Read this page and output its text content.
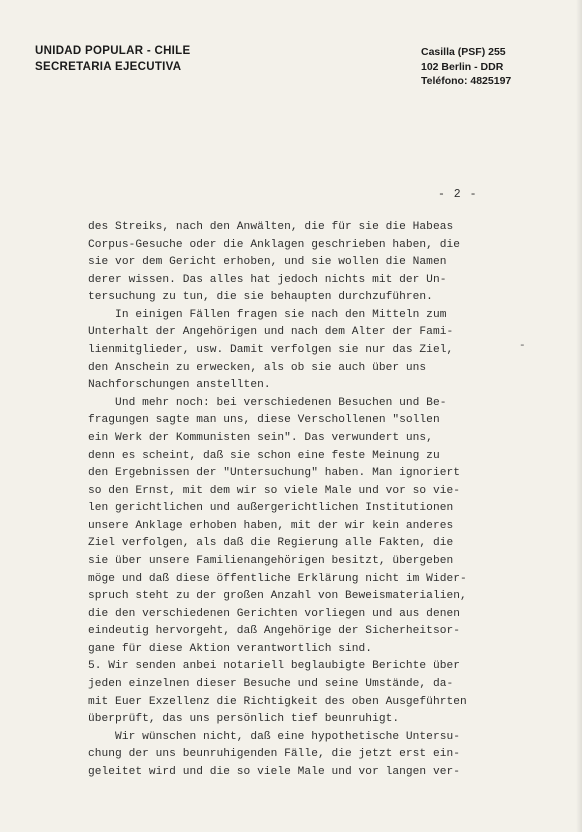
UNIDAD POPULAR - CHILE
SECRETARIA EJECUTIVA
Casilla (PSF) 255
102 Berlin - DDR
Teléfono: 4825197
- 2 -
-
des Streiks, nach den Anwälten, die für sie die Habeas
Corpus-Gesuche oder die Anklagen geschrieben haben, die
sie vor dem Gericht erhoben, und sie wollen die Namen
derer wissen. Das alles hat jedoch nichts mit der Un-
tersuchung zu tun, die sie behaupten durchzuführen.
In einigen Fällen fragen sie nach den Mitteln zum
Unterhalt der Angehörigen und nach dem Alter der Fami-
lienmitglieder, usw. Damit verfolgen sie nur das Ziel,
den Anschein zu erwecken, als ob sie auch über uns
Nachforschungen anstellten.
Und mehr noch: bei verschiedenen Besuchen und Be-
fragungen sagte man uns, diese Verschollenen "sollen
ein Werk der Kommunisten sein". Das verwundert uns,
denn es scheint, daß sie schon eine feste Meinung zu
den Ergebnissen der "Untersuchung" haben. Man ignoriert
so den Ernst, mit dem wir so viele Male und vor so vie-
len gerichtlichen und außergerichtlichen Institutionen
unsere Anklage erhoben haben, mit der wir kein anderes
Ziel verfolgen, als daß die Regierung alle Fakten, die
sie über unsere Familienangehörigen besitzt, übergeben
möge und daß diese öffentliche Erklärung nicht im Wider-
spruch steht zu der großen Anzahl von Beweismaterialien,
die den verschiedenen Gerichten vorliegen und aus denen
eindeutig hervorgeht, daß Angehörige der Sicherheitsor-
gane für diese Aktion verantwortlich sind.
5. Wir senden anbei notariell beglaubigte Berichte über
jeden einzelnen dieser Besuche und seine Umstände, da-
mit Euer Exzellenz die Richtigkeit des oben Ausgeführten
überprüft, das uns persönlich tief beunruhigt.
Wir wünschen nicht, daß eine hypothetische Untersu-
chung der uns beunruhigenden Fälle, die jetzt erst ein-
geleitet wird und die so viele Male und vor langen ver-
